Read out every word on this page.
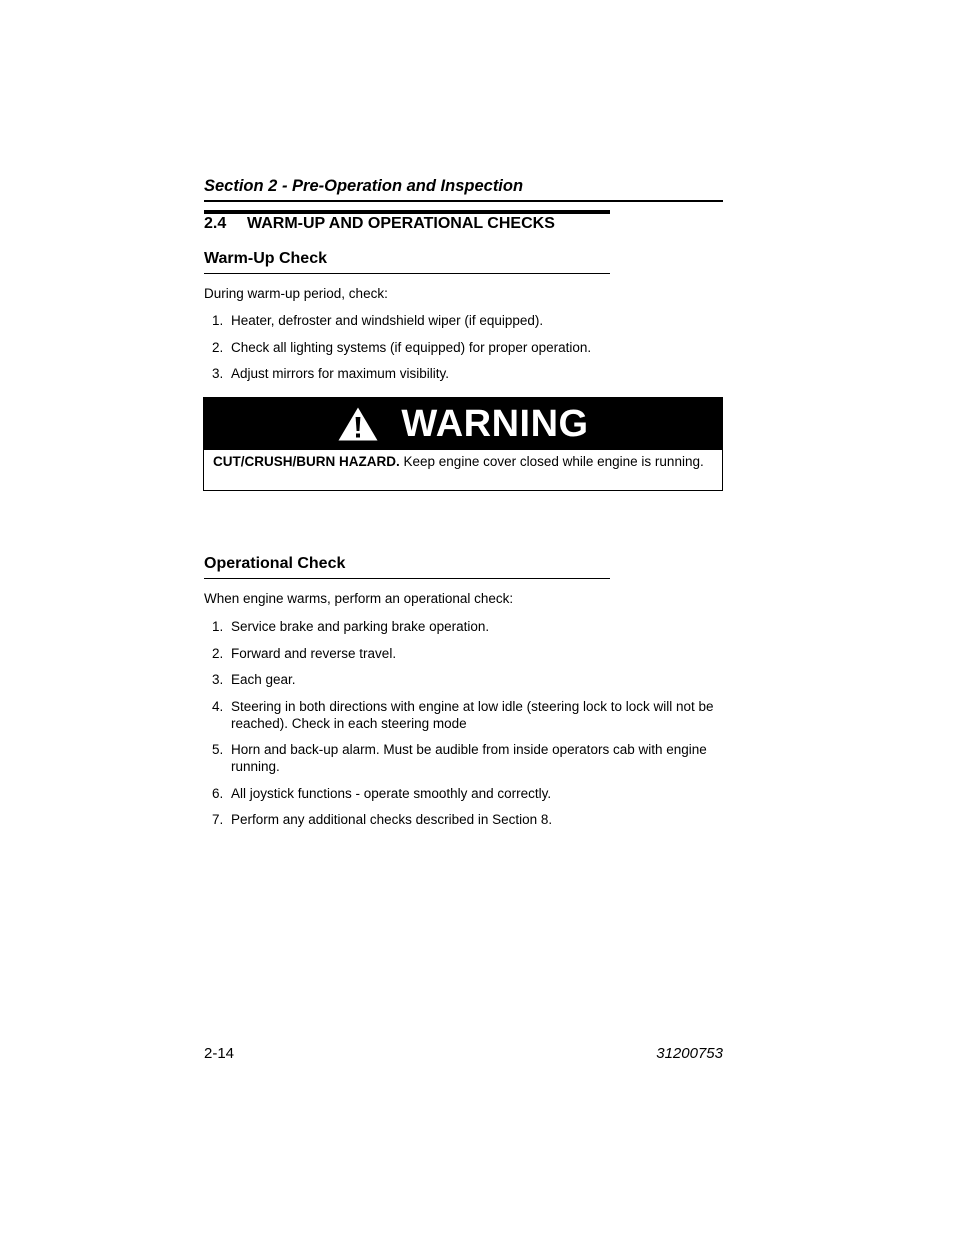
Section 2 - Pre-Operation and Inspection
2.4 WARM-UP AND OPERATIONAL CHECKS
Warm-Up Check
During warm-up period, check:
1. Heater, defroster and windshield wiper (if equipped).
2. Check all lighting systems (if equipped) for proper operation.
3. Adjust mirrors for maximum visibility.
WARNING
CUT/CRUSH/BURN HAZARD. Keep engine cover closed while engine is running.
Operational Check
When engine warms, perform an operational check:
1. Service brake and parking brake operation.
2. Forward and reverse travel.
3. Each gear.
4. Steering in both directions with engine at low idle (steering lock to lock will not be reached). Check in each steering mode
5. Horn and back-up alarm. Must be audible from inside operators cab with engine running.
6. All joystick functions - operate smoothly and correctly.
7. Perform any additional checks described in Section 8.
2-14	31200753
